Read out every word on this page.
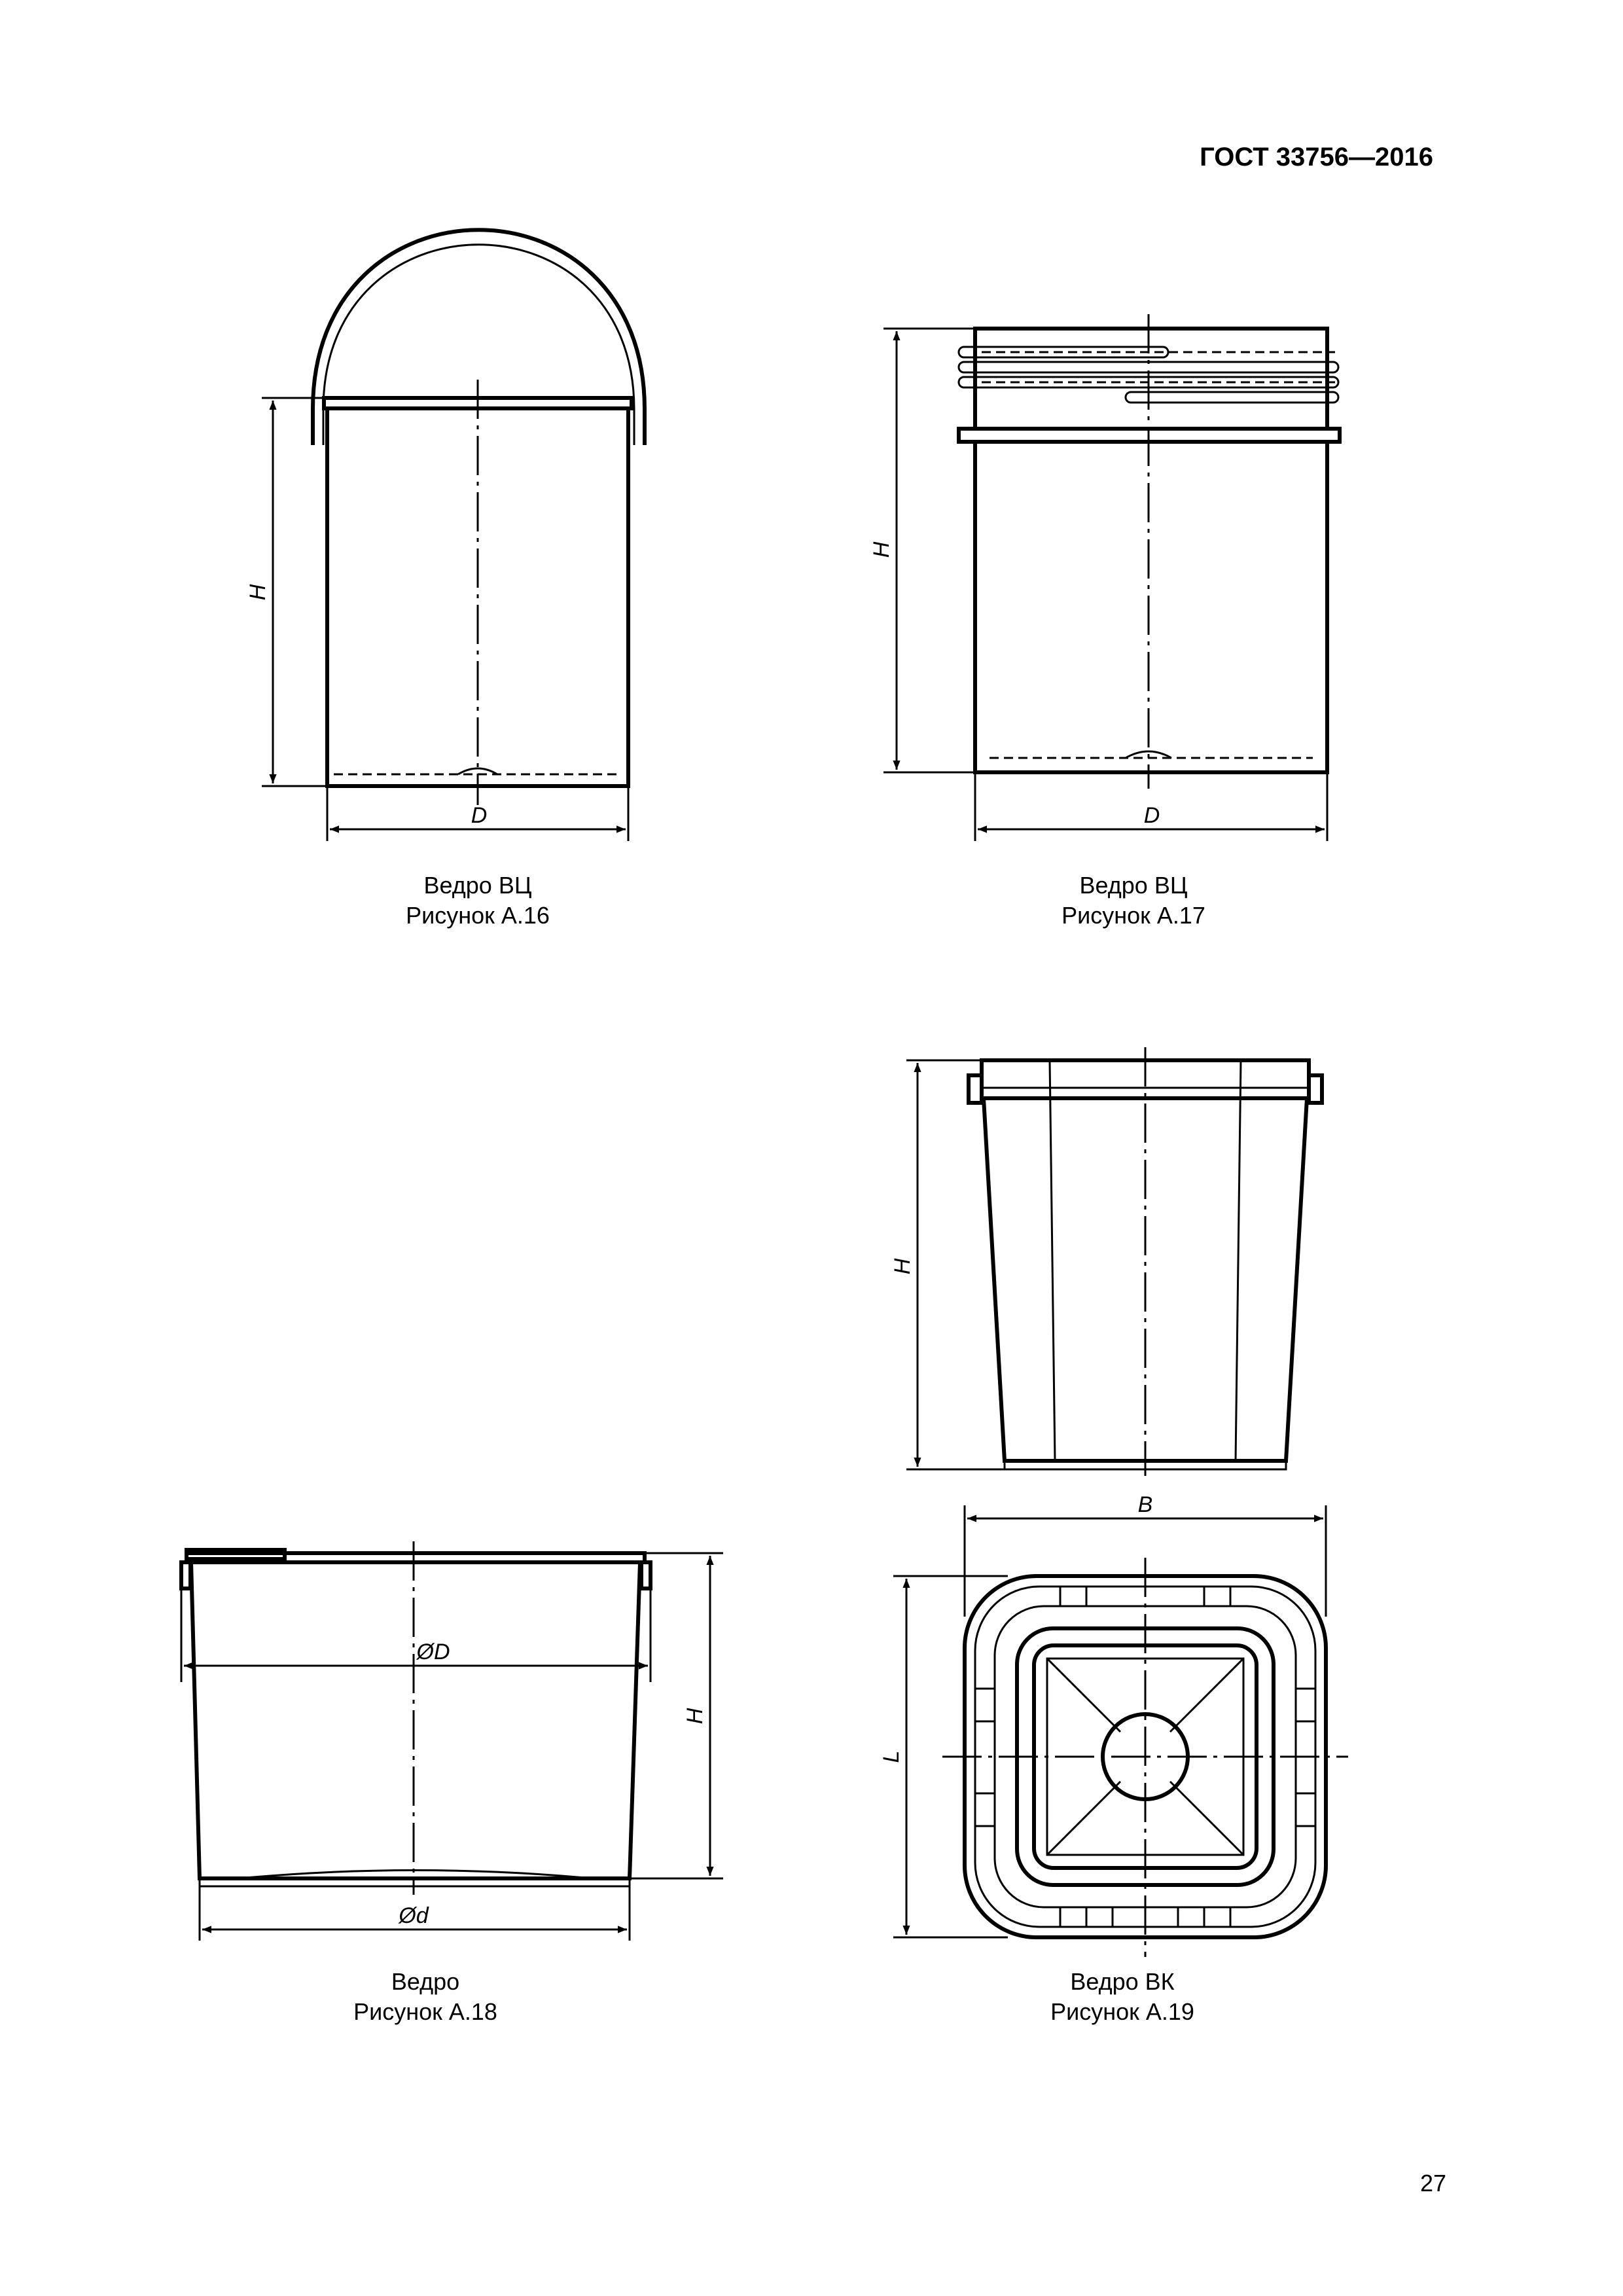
ГОСТ 33756—2016
H
D
H
D
H
B
L
ØD
Ød
H
Ведро ВЦ
Рисунок А.16
Ведро ВЦ
Рисунок А.17
Ведро
Рисунок А.18
Ведро ВК
Рисунок А.19
27
